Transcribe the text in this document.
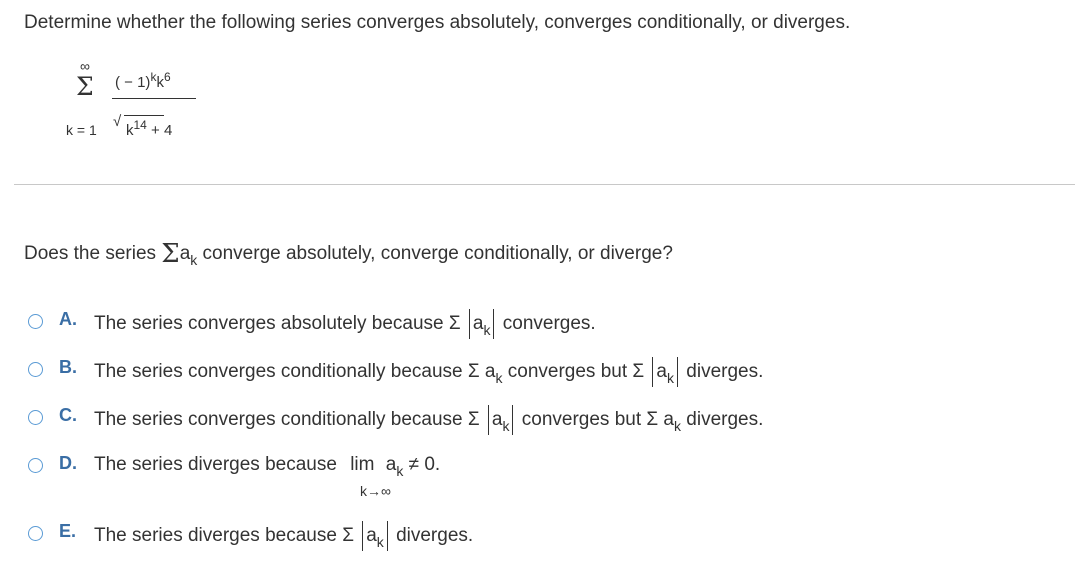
Determine whether the following series converges absolutely, converges conditionally, or diverges.
∞
Σ
k = 1
( − $1)^kk^6$
√
$k^{14} + 4$
Does the series $\Sigma a_k$ converge absolutely, converge conditionally, or diverge?
A. The series converges absolutely because Σ $a_k$ converges.
B. The series converges conditionally because Σ $a_k$ converges but Σ $a_k$ diverges.
C. The series converges conditionally because Σ $a_k$ converges but Σ $a_k$ diverges.
D. The series diverges because $\lim a_k \ne 0$.
k→∞
E. The series diverges because Σ $a_k$ diverges.
